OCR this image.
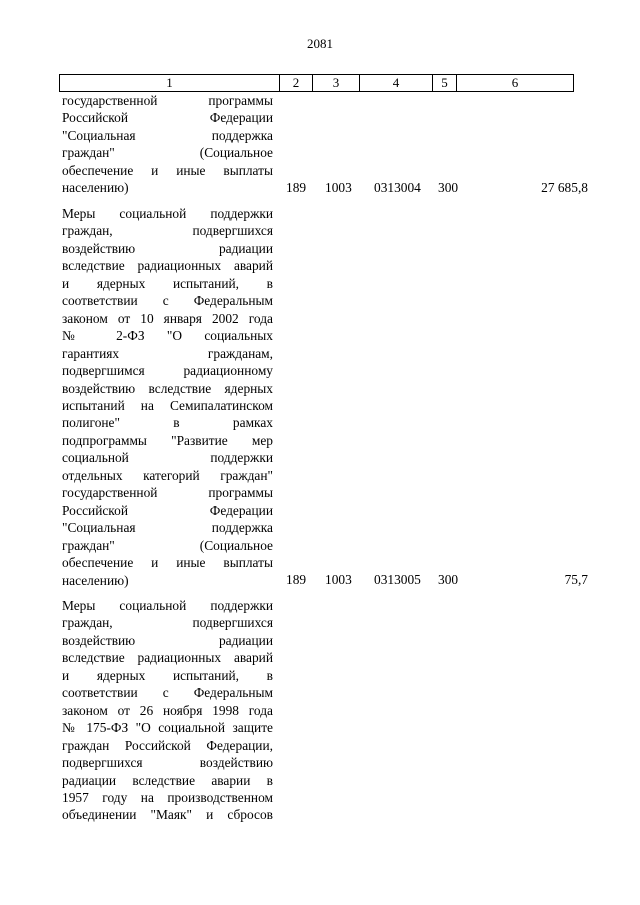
2081
1	2	3	4	5	6
государственной программы
Российской Федерации
"Социальная поддержка
граждан" (Социальное
обеспечение и иные выплаты
населению)	189 1003 0313004 300	27 685,8
Меры социальной поддержки
граждан, подвергшихся
воздействию радиации
вследствие радиационных аварий
и ядерных испытаний, в
соответствии с Федеральным
законом от 10 января 2002 года
№ 2-ФЗ "О социальных
гарантиях гражданам,
подвергшимся радиационному
воздействию вследствие ядерных
испытаний на Семипалатинском
полигоне" в рамках
подпрограммы "Развитие мер
социальной поддержки
отдельных категорий граждан"
государственной программы
Российской Федерации
"Социальная поддержка
граждан" (Социальное
обеспечение и иные выплаты
населению)	189 1003 0313005 300	75,7
Меры социальной поддержки
граждан, подвергшихся
воздействию радиации
вследствие радиационных аварий
и ядерных испытаний, в
соответствии с Федеральным
законом от 26 ноября 1998 года
№ 175-ФЗ "О социальной защите
граждан Российской Федерации,
подвергшихся воздействию
радиации вследствие аварии в
1957 году на производственном
объединении "Маяк" и сбросов
